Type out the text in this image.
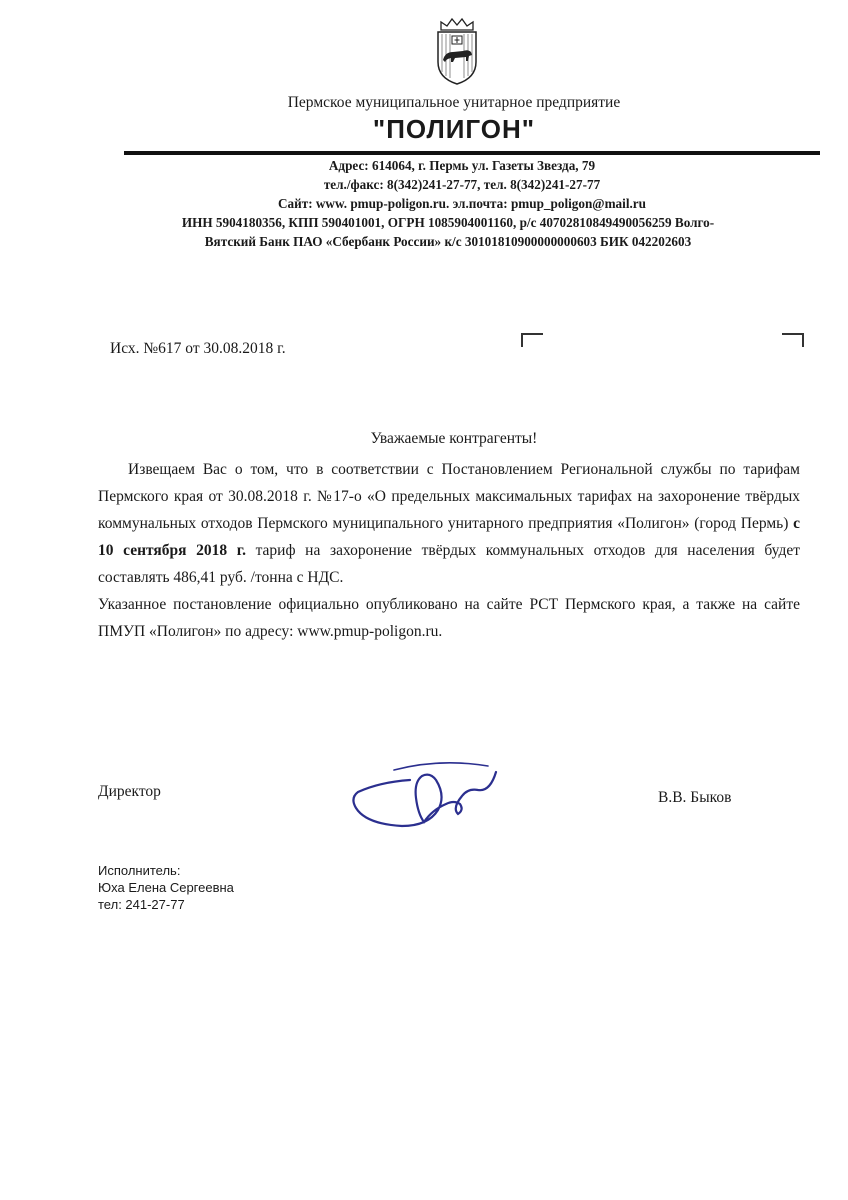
Пермское муниципальное унитарное предприятие
"ПОЛИГОН"
Адрес: 614064, г. Пермь ул. Газеты Звезда, 79
тел./факс: 8(342)241-27-77, тел. 8(342)241-27-77
Сайт: www. pmup-poligon.ru. эл.почта: pmup_poligon@mail.ru
ИНН 5904180356, КПП 590401001, ОГРН 1085904001160, р/с 40702810849490056259 Волго-
Вятский Банк ПАО «Сбербанк России» к/с 30101810900000000603 БИК 042202603
Исх. №617 от 30.08.2018 г.
Уважаемые контрагенты!

Извещаем Вас о том, что в соответствии с Постановлением Региональной службы по тарифам Пермского края от 30.08.2018 г. №17-о «О предельных максимальных тарифах на захоронение твёрдых коммунальных отходов Пермского муниципального унитарного предприятия «Полигон» (город Пермь) с 10 сентября 2018 г. тариф на захоронение твёрдых коммунальных отходов для населения будет составлять 486,41 руб. /тонна с НДС.

Указанное постановление официально опубликовано на сайте РСТ Пермского края, а также на сайте ПМУП «Полигон» по адресу: www.pmup-poligon.ru.

Директор	В.В. Быков
Исполнитель:
Юха Елена Сергеевна
тел: 241-27-77
